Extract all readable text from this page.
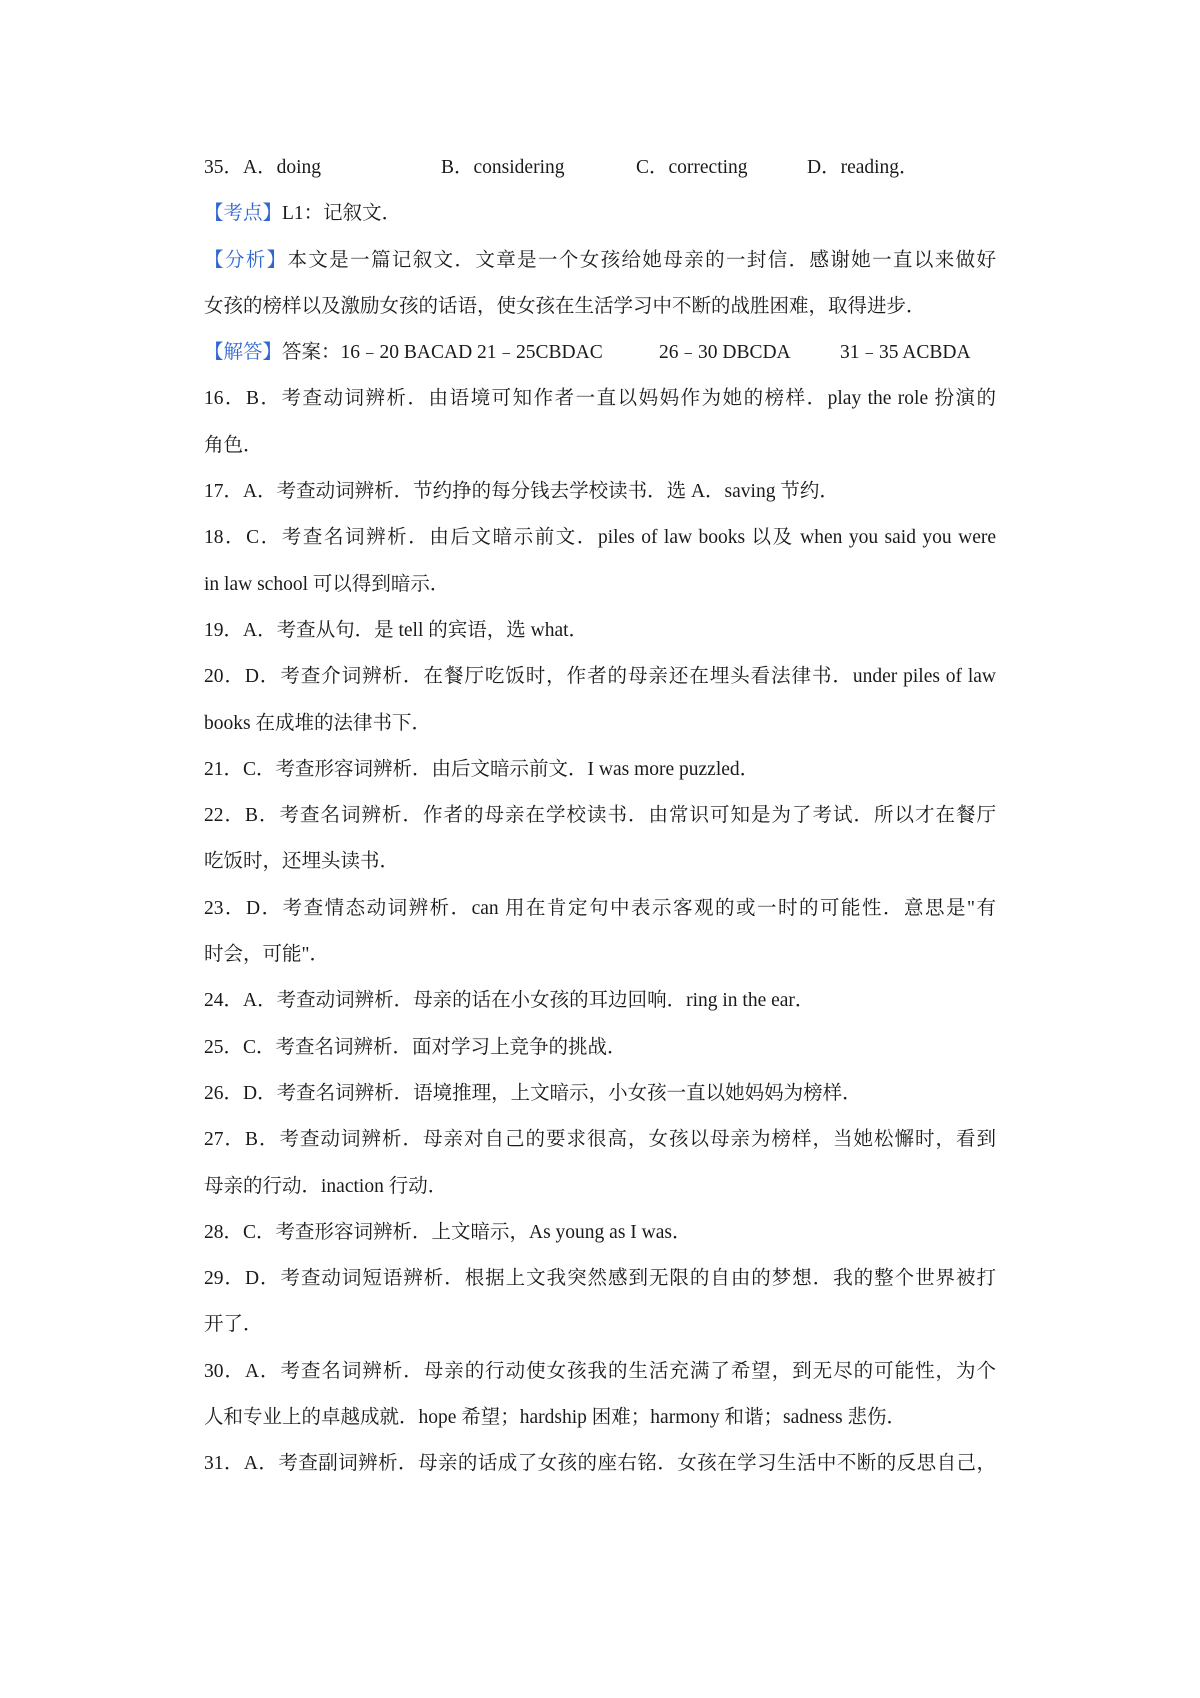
35．A．doing	B．considering	C．correcting	D．reading．
【考点】L1：记叙文．
【分析】本文是一篇记叙文．文章是一个女孩给她母亲的一封信．感谢她一直以来做好
女孩的榜样以及激励女孩的话语，使女孩在生活学习中不断的战胜困难，取得进步．
【解答】答案：16﹣20 BACAD 21﹣25CBDAC	26﹣30 DBCDA	31﹣35 ACBDA
16．B．考查动词辨析．由语境可知作者一直以妈妈作为她的榜样．play the role 扮演的
角色．
17．A．考查动词辨析．节约挣的每分钱去学校读书．选 A．saving 节约．
18．C．考查名词辨析．由后文暗示前文．piles of law books 以及 when you said you were
in law school 可以得到暗示．
19．A．考查从句．是 tell 的宾语，选 what．
20．D．考查介词辨析．在餐厅吃饭时，作者的母亲还在埋头看法律书．under piles of law
books 在成堆的法律书下．
21．C．考查形容词辨析．由后文暗示前文．I was more puzzled．
22．B．考查名词辨析．作者的母亲在学校读书．由常识可知是为了考试．所以才在餐厅
吃饭时，还埋头读书．
23．D．考查情态动词辨析．can 用在肯定句中表示客观的或一时的可能性．意思是"有
时会，可能"．
24．A．考查动词辨析．母亲的话在小女孩的耳边回响．ring in the ear．
25．C．考查名词辨析．面对学习上竞争的挑战．
26．D．考查名词辨析．语境推理，上文暗示，小女孩一直以她妈妈为榜样．
27．B．考查动词辨析．母亲对自己的要求很高，女孩以母亲为榜样，当她松懈时，看到
母亲的行动．inaction 行动．
28．C．考查形容词辨析．上文暗示，As young as I was．
29．D．考查动词短语辨析．根据上文我突然感到无限的自由的梦想．我的整个世界被打
开了．
30．A．考查名词辨析．母亲的行动使女孩我的生活充满了希望，到无尽的可能性，为个
人和专业上的卓越成就．hope 希望；hardship 困难；harmony 和谐；sadness 悲伤．
31．A．考查副词辨析．母亲的话成了女孩的座右铭．女孩在学习生活中不断的反思自己，
